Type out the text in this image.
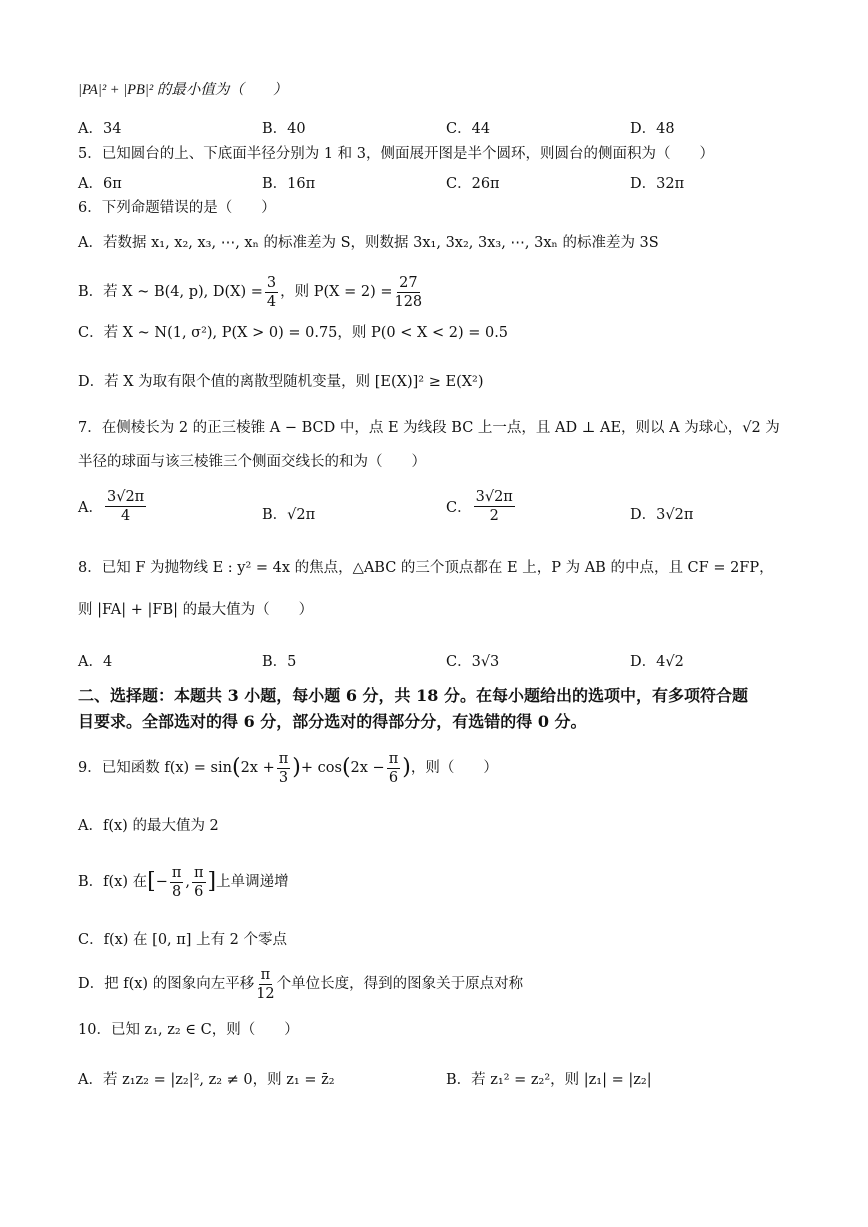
|PA|² + |PB|² 的最小值为（　　）
A．34	B．40	C．44	D．48
5．已知圆台的上、下底面半径分别为 1 和 3，侧面展开图是半个圆环，则圆台的侧面积为（　　）
A．6π	B．16π	C．26π	D．32π
6．下列命题错误的是（　　）
A．若数据 x₁, x₂, x₃, ⋯, xₙ 的标准差为 S，则数据 3x₁, 3x₂, 3x₃, ⋯, 3xₙ 的标准差为 3S
B．若 X ~ B(4, p), $D(X) = \frac{3}{4}$ ，则 $P(X = 2) = \frac{27}{128}$
C．若 X ~ N(1, σ²), P(X > 0) = 0.75，则 P(0 < X < 2) = 0.5
D．若 X 为取有限个值的离散型随机变量，则 [E(X)]² ≥ E(X²)
7．在侧棱长为 2 的正三棱锥 A − BCD 中，点 E 为线段 BC 上一点，且 AD ⊥ AE，则以 A 为球心，√2 为
半径的球面与该三棱锥三个侧面交线长的和为（　　）
A． $\frac{3√2\pi}{4}$	B．√2π	C． $\frac{3√2\pi}{2}$	D．3√2π
8．已知 F 为抛物线 E : y² = 4x 的焦点，△ABC 的三个顶点都在 E 上，P 为 AB 的中点，且 CF = 2FP，
则 |FA| + |FB| 的最大值为（　　）
A．4	B．5	C．3√3	D．4√2
二、选择题：本题共 3 小题，每小题 6 分，共 18 分。在每小题给出的选项中，有多项符合题
目要求。全部选对的得 6 分，部分选对的得部分分，有选错的得 0 分。
9．已知函数 f(x) = sin ( $2x + \frac{\pi}{3}$ ) + cos ( $2x - \frac{\pi}{6}$ ) ，则（　　）
A．f(x) 的最大值为 2
B．f(x) 在 [ − $\frac{\pi}{8}$ , $\frac{\pi}{6}$ ] 上单调递增
C．f(x) 在 [0, π] 上有 2 个零点
D．把 f(x) 的图象向左平移 $\frac{\pi}{12}$ 个单位长度，得到的图象关于原点对称
10．已知 z₁, z₂ ∈ C，则（　　）
A．若 z₁z₂ = |z₂|², z₂ ≠ 0，则 z₁ = z̄₂	B．若 z₁² = z₂²，则 |z₁| = |z₂|
